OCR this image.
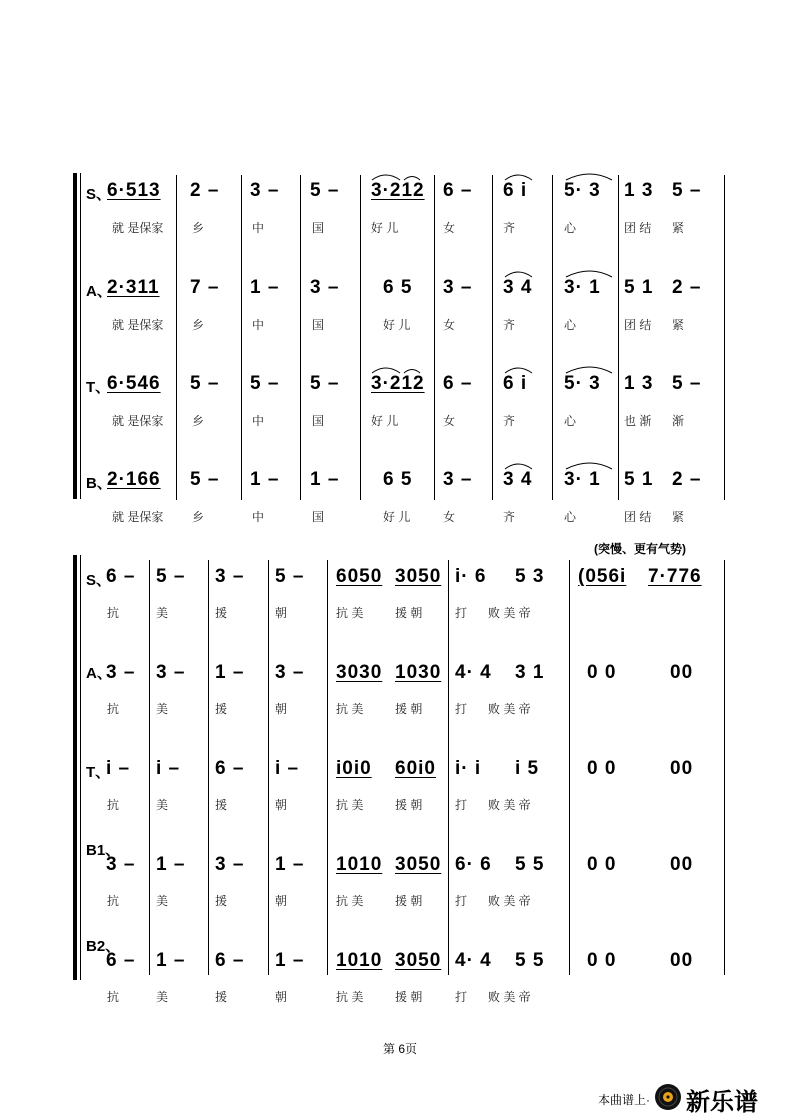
S、
6·513 2 – 3 – 5 – 3·212 6 – 6 i 5· 3 1 3 5 –
就 是保家 乡	中	国	好 儿	女	齐	心	团 结 紧
A、
2·311 7 – 1 – 3 – 6 5 3 – 3 4 3· 1 5 1 2 –
就 是保家 乡	中	国	好 儿	女	齐	心	团 结 紧
T、
6·546 5 – 5 – 5 – 3·212 6 – 6 i 5· 3 1 3 5 –
就 是保家 乡	中	国	好 儿	女	齐	心	也 渐 渐
B、
2·166 5 – 1 – 1 – 6 5 3 – 3 4 3· 1 5 1 2 –
就 是保家 乡	中	国	好 儿	女	齐	心	团 结 紧
(突慢、更有气势)
S、
6 – 5 – 3 – 5 – 6050 3050 i· 6 5 3 (056i 7·776
抗	美	援	朝	抗 美	援 朝	打 败 美 帝
A、
3 – 3 – 1 – 3 – 3030 1030 4· 4 3 1 0 0	00
抗	美	援	朝	抗 美	援 朝	打 败 美 帝
T、
i – i – 6 – i – i0i0 60i0 i· i i 5	0 0	00
抗	美	援	朝	抗 美	援 朝	打 败 美 帝
B1、
3 – 1 – 3 – 1 – 1010 3050 6· 6 5 5 0 0	00
抗	美	援	朝	抗 美	援 朝	打 败 美 帝
B2、
6 – 1 – 6 – 1 – 1010 3050 4· 4 5 5 0 0	00
抗	美	援	朝	抗 美	援 朝	打 败 美 帝
第 6页
本曲谱上· 新乐谱
